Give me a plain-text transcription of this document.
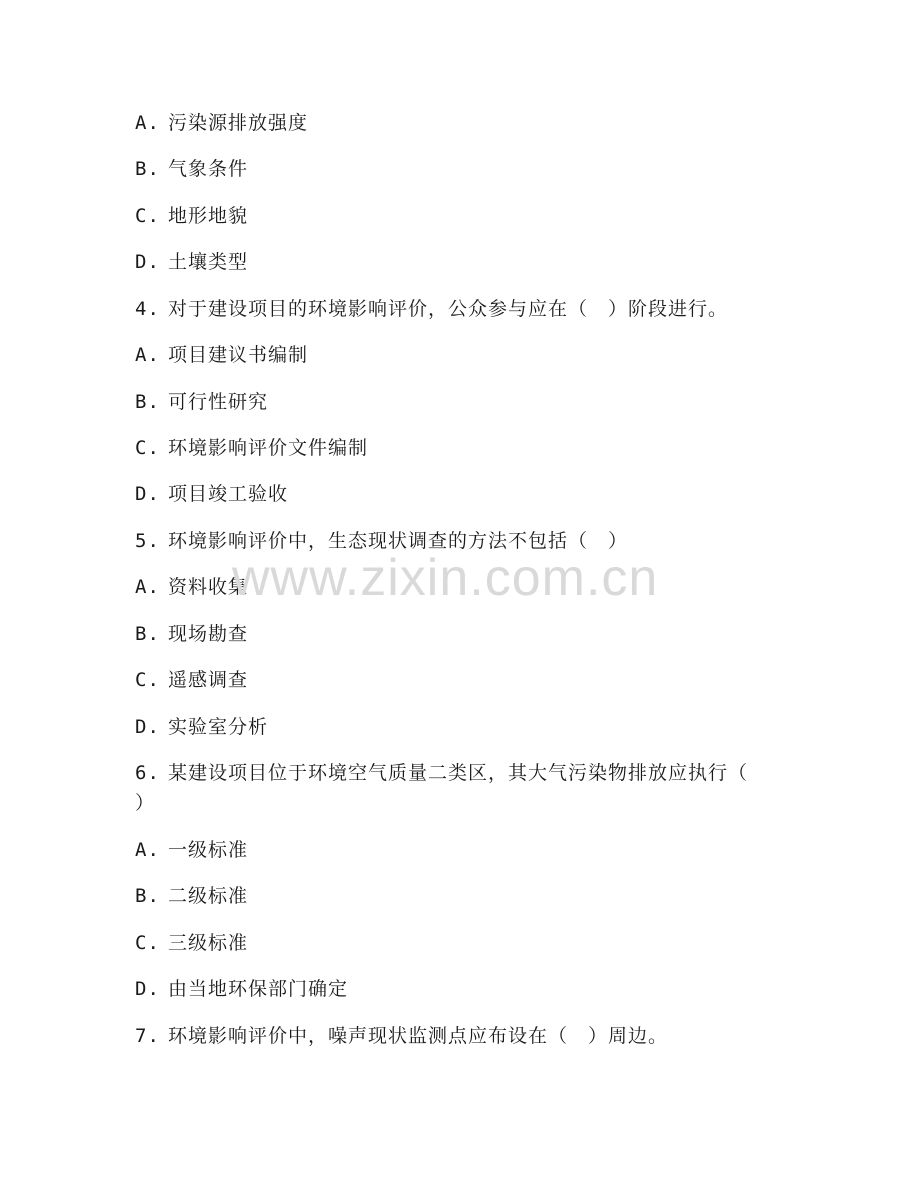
A. 污染源排放强度
B. 气象条件
C. 地形地貌
D. 土壤类型
4. 对于建设项目的环境影响评价，公众参与应在（　）阶段进行。
A. 项目建议书编制
B. 可行性研究
C. 环境影响评价文件编制
D. 项目竣工验收
5. 环境影响评价中，生态现状调查的方法不包括（　）
A. 资料收集
B. 现场勘查
C. 遥感调查
D. 实验室分析
6. 某建设项目位于环境空气质量二类区，其大气污染物排放应执行（
）
A. 一级标准
B. 二级标准
C. 三级标准
D. 由当地环保部门确定
7. 环境影响评价中，噪声现状监测点应布设在（　）周边。
www.zixin.com.cn
